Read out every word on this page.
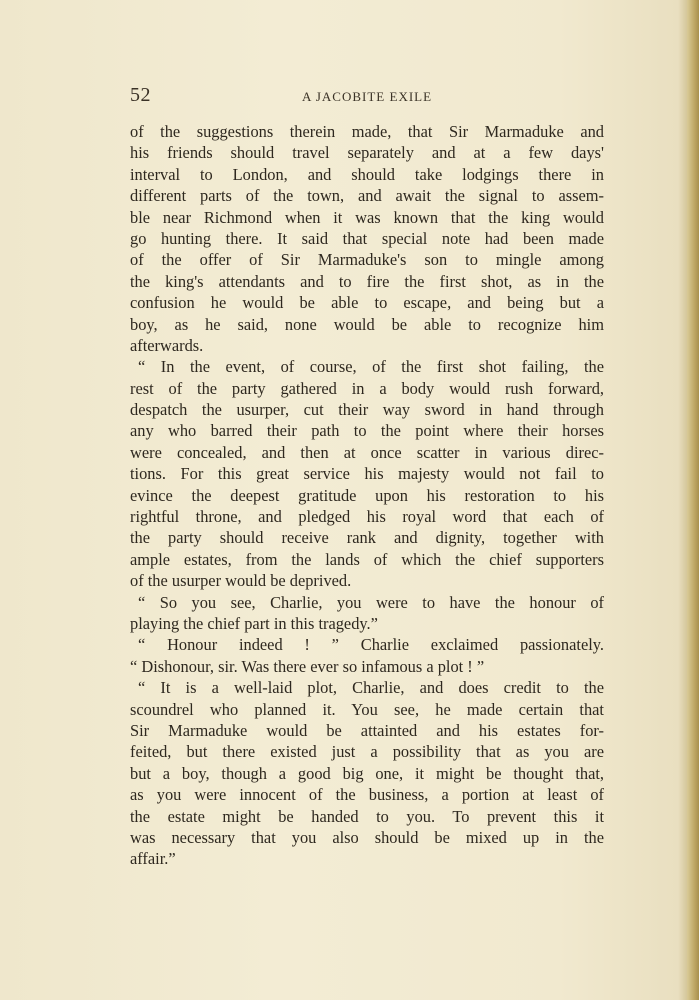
52	A JACOBITE EXILE
of the suggestions therein made, that Sir Marmaduke and
his friends should travel separately and at a few days'
interval to London, and should take lodgings there in
different parts of the town, and await the signal to assem-
ble near Richmond when it was known that the king would
go hunting there. It said that special note had been made
of the offer of Sir Marmaduke's son to mingle among
the king's attendants and to fire the first shot, as in the
confusion he would be able to escape, and being but a
boy, as he said, none would be able to recognize him
afterwards.
“ In the event, of course, of the first shot failing, the
rest of the party gathered in a body would rush forward,
despatch the usurper, cut their way sword in hand through
any who barred their path to the point where their horses
were concealed, and then at once scatter in various direc-
tions. For this great service his majesty would not fail to
evince the deepest gratitude upon his restoration to his
rightful throne, and pledged his royal word that each of
the party should receive rank and dignity, together with
ample estates, from the lands of which the chief supporters
of the usurper would be deprived.
“ So you see, Charlie, you were to have the honour of
playing the chief part in this tragedy.”
“ Honour indeed ! ” Charlie exclaimed passionately.
“ Dishonour, sir. Was there ever so infamous a plot ! ”
“ It is a well-laid plot, Charlie, and does credit to the
scoundrel who planned it. You see, he made certain that
Sir Marmaduke would be attainted and his estates for-
feited, but there existed just a possibility that as you are
but a boy, though a good big one, it might be thought that,
as you were innocent of the business, a portion at least of
the estate might be handed to you. To prevent this it
was necessary that you also should be mixed up in the
affair.”
